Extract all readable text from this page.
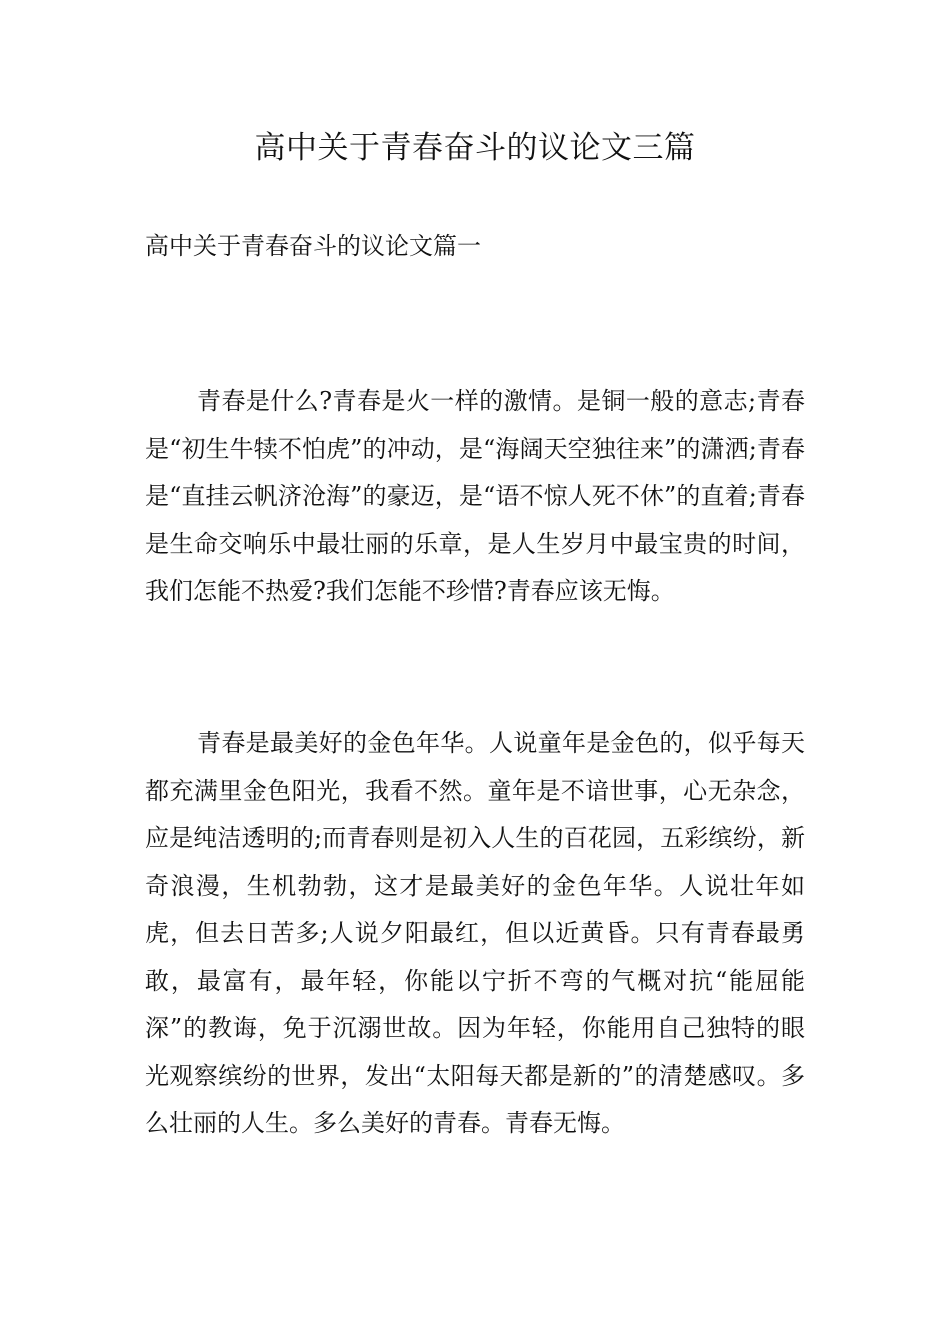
高中关于青春奋斗的议论文三篇
高中关于青春奋斗的议论文篇一

青春是什么?青春是火一样的激情。是铜一般的意志;青春是“初生牛犊不怕虎”的冲动，是“海阔天空独往来”的潇洒;青春是“直挂云帆济沧海”的豪迈，是“语不惊人死不休”的直着;青春是生命交响乐中最壮丽的乐章，是人生岁月中最宝贵的时间，我们怎能不热爱?我们怎能不珍惜?青春应该无悔。

青春是最美好的金色年华。人说童年是金色的，似乎每天都充满里金色阳光，我看不然。童年是不谙世事，心无杂念，应是纯洁透明的;而青春则是初入人生的百花园，五彩缤纷，新奇浪漫，生机勃勃，这才是最美好的金色年华。人说壮年如虎，但去日苦多;人说夕阳最红，但以近黄昏。只有青春最勇敢，最富有，最年轻，你能以宁折不弯的气概对抗“能屈能深”的教诲，免于沉溺世故。因为年轻，你能用自己独特的眼光观察缤纷的世界，发出“太阳每天都是新的”的清楚感叹。多么壮丽的人生。多么美好的青春。青春无悔。
